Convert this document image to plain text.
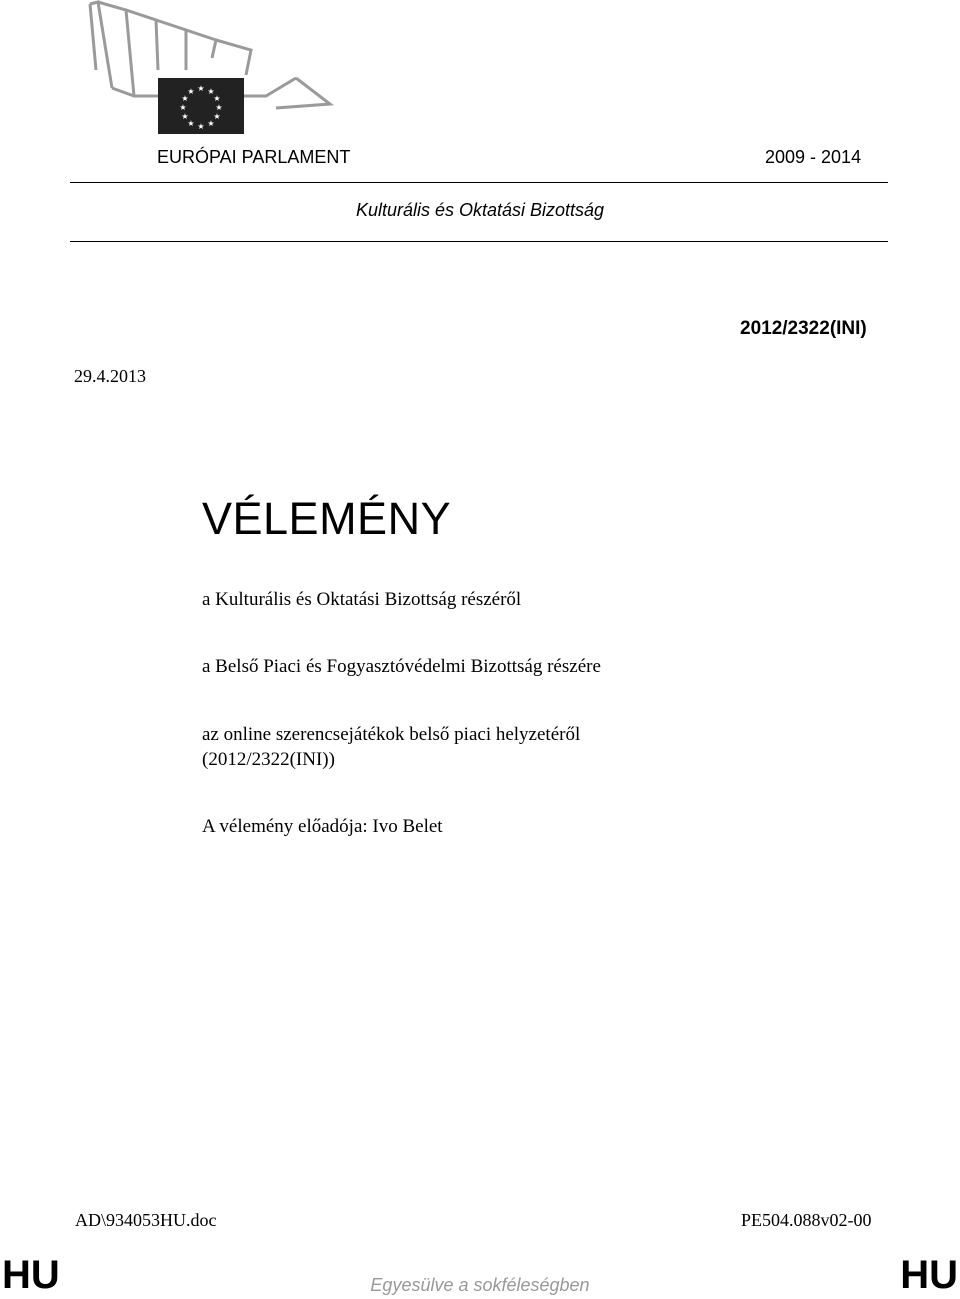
★ ★
★
★
★
★
★
★
★
★
★
★
EURÓPAI PARLAMENT	2009 - 2014
Kulturális és Oktatási Bizottság
2012/2322(INI)
29.4.2013
VÉLEMÉNY
a Kulturális és Oktatási Bizottság részéről
a Belső Piaci és Fogyasztóvédelmi Bizottság részére
az online szerencsejátékok belső piaci helyzetéről
(2012/2322(INI))
A vélemény előadója: Ivo Belet
AD\934053HU.doc	PE504.088v02-00
HU	Egyesülve a sokféleségben	HU
